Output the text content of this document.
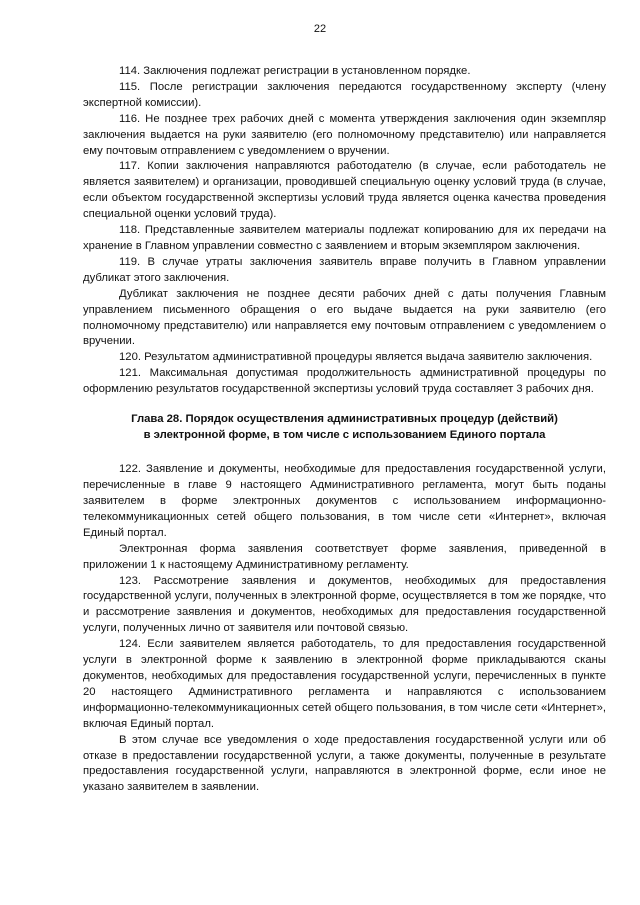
22

114. Заключения подлежат регистрации в установленном порядке.

115. После регистрации заключения передаются государственному эксперту (члену экспертной комиссии).

116. Не позднее трех рабочих дней с момента утверждения заключения один экземпляр заключения выдается на руки заявителю (его полномочному представителю) или направляется ему почтовым отправлением с уведомлением о вручении.

117. Копии заключения направляются работодателю (в случае, если работодатель не является заявителем) и организации, проводившей специальную оценку условий труда (в случае, если объектом государственной экспертизы условий труда является оценка качества проведения специальной оценки условий труда).

118. Представленные заявителем материалы подлежат копированию для их передачи на хранение в Главном управлении совместно с заявлением и вторым экземпляром заключения.

119. В случае утраты заключения заявитель вправе получить в Главном управлении дубликат этого заключения.

Дубликат заключения не позднее десяти рабочих дней с даты получения Главным управлением письменного обращения о его выдаче выдается на руки заявителю (его полномочному представителю) или направляется ему почтовым отправлением с уведомлением о вручении.

120. Результатом административной процедуры является выдача заявителю заключения.

121. Максимальная допустимая продолжительность административной процедуры по оформлению результатов государственной экспертизы условий труда составляет 3 рабочих дня.

Глава 28. Порядок осуществления административных процедур (действий)
в электронной форме, в том числе с использованием Единого портала

122. Заявление и документы, необходимые для предоставления государственной услуги, перечисленные в главе 9 настоящего Административного регламента, могут быть поданы заявителем в форме электронных документов с использованием информационно-телекоммуникационных сетей общего пользования, в том числе сети «Интернет», включая Единый портал.

Электронная форма заявления соответствует форме заявления, приведенной в приложении 1 к настоящему Административному регламенту.

123. Рассмотрение заявления и документов, необходимых для предоставления государственной услуги, полученных в электронной форме, осуществляется в том же порядке, что и рассмотрение заявления и документов, необходимых для предоставления государственной услуги, полученных лично от заявителя или почтовой связью.

124. Если заявителем является работодатель, то для предоставления государственной услуги в электронной форме к заявлению в электронной форме прикладываются сканы документов, необходимых для предоставления государственной услуги, перечисленных в пункте 20 настоящего Административного регламента и направляются с использованием информационно-телекоммуникационных сетей общего пользования, в том числе сети «Интернет», включая Единый портал.

В этом случае все уведомления о ходе предоставления государственной услуги или об отказе в предоставлении государственной услуги, а также документы, полученные в результате предоставления государственной услуги, направляются в электронной форме, если иное не указано заявителем в заявлении.
